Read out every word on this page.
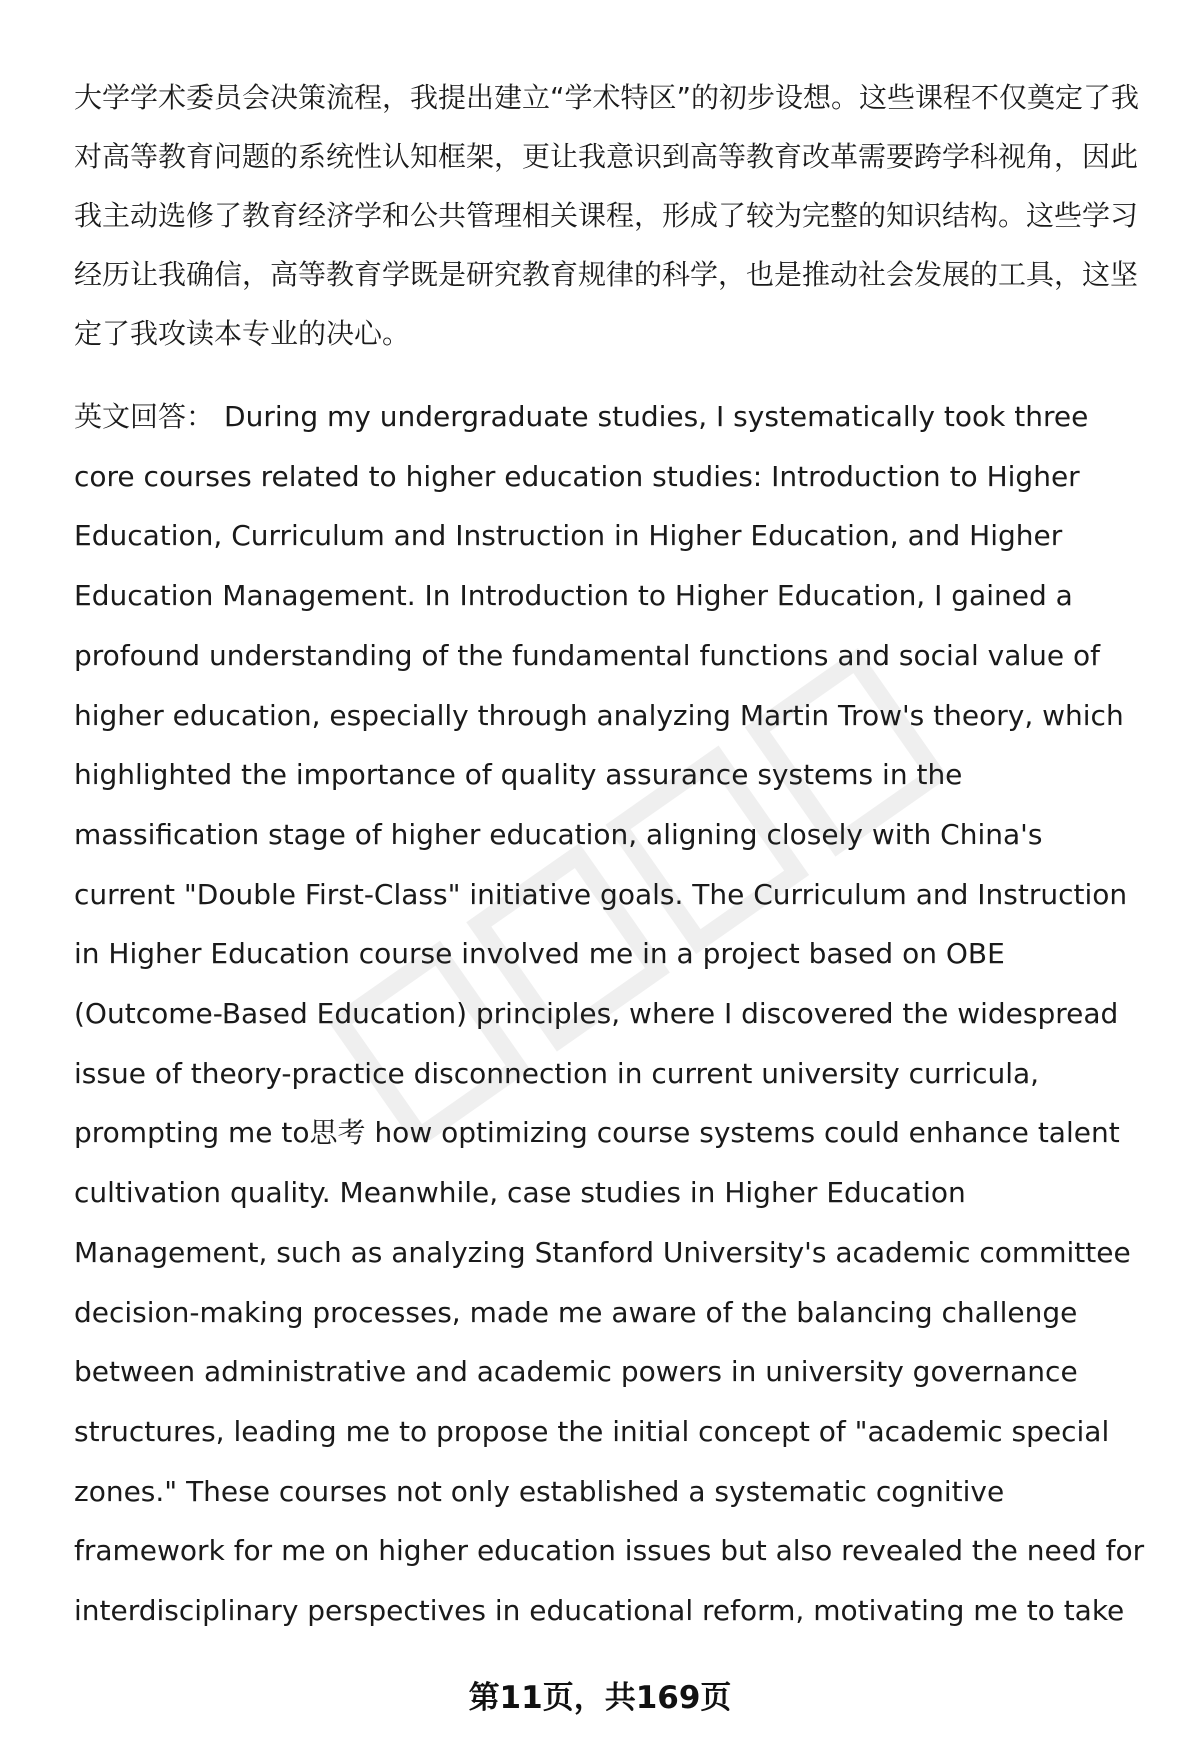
大学学术委员会决策流程，我提出建立“学术特区”的初步设想。这些课程不仅奠定了我对高等教育问题的系统性认知框架，更让我意识到高等教育改革需要跨学科视角，因此我主动选修了教育经济学和公共管理相关课程，形成了较为完整的知识结构。这些学习经历让我确信，高等教育学既是研究教育规律的科学，也是推动社会发展的工具，这坚定了我攻读本专业的决心。

英文回答： During my undergraduate studies, I systematically took three core courses related to higher education studies: Introduction to Higher Education, Curriculum and Instruction in Higher Education, and Higher Education Management. In Introduction to Higher Education, I gained a profound understanding of the fundamental functions and social value of higher education, especially through analyzing Martin Trow's theory, which highlighted the importance of quality assurance systems in the massification stage of higher education, aligning closely with China's current "Double First-Class" initiative goals. The Curriculum and Instruction in Higher Education course involved me in a project based on OBE (Outcome-Based Education) principles, where I discovered the widespread issue of theory-practice disconnection in current university curricula, prompting me to思考 how optimizing course systems could enhance talent cultivation quality. Meanwhile, case studies in Higher Education Management, such as analyzing Stanford University's academic committee decision-making processes, made me aware of the balancing challenge between administrative and academic powers in university governance structures, leading me to propose the initial concept of "academic special zones." These courses not only established a systematic cognitive framework for me on higher education issues but also revealed the need for interdisciplinary perspectives in educational reform, motivating me to take

第11页，共169页
